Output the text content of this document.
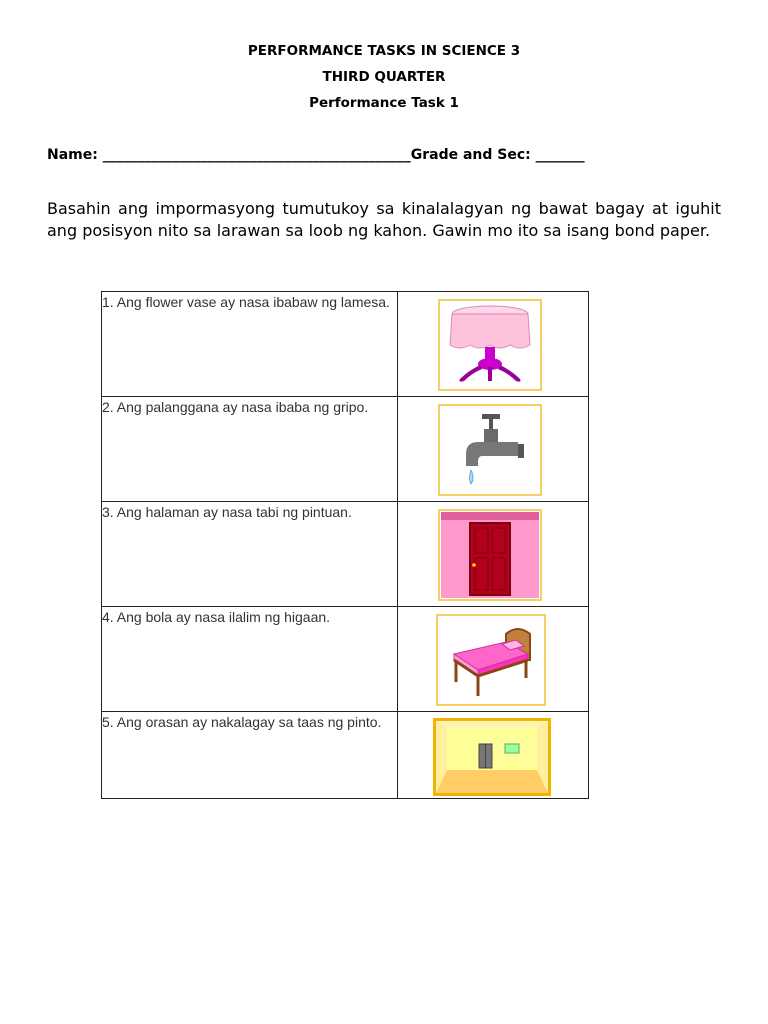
PERFORMANCE TASKS IN SCIENCE 3
THIRD QUARTER
Performance Task 1
Name: ____________________________________________Grade and Sec: _______
Basahin ang impormasyong tumutukoy sa kinalalagyan ng bawat bagay at iguhit ang posisyon nito sa larawan sa loob ng kahon. Gawin mo ito sa isang bond paper.
1. Ang flower vase ay nasa ibabaw ng lamesa.	

2. Ang palanggana ay nasa ibaba ng gripo.	

3. Ang halaman ay nasa tabi ng pintuan.	

4. Ang bola ay nasa ilalim ng higaan.	

5. Ang orasan ay nakalagay sa taas ng pinto.	
